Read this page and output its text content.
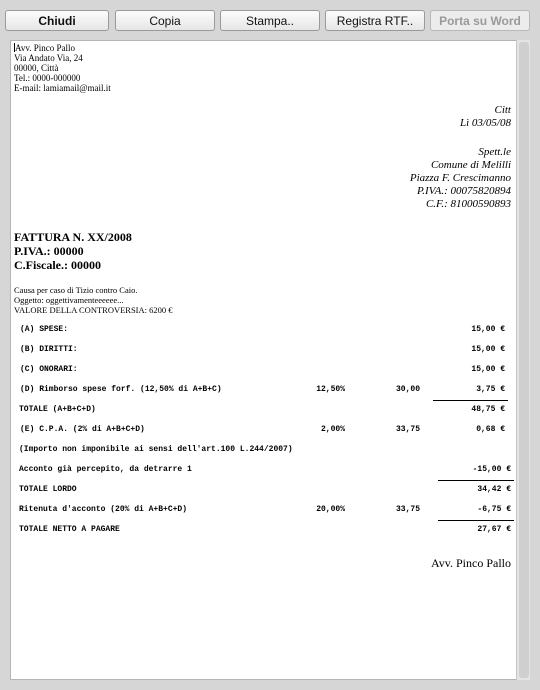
Chiudi	Copia	Stampa..	Registra RTF..	Porta su Word
Avv. Pinco Pallo
Via Andato Via, 24
00000, Città
Tel.: 0000-000000
E-mail: lamiamail@mail.it
Citt
Lì 03/05/08
Spett.le
Comune di Melilli
Piazza F. Crescimanno
P.IVA.: 00075820894
C.F.: 81000590893
FATTURA N. XX/2008
P.IVA.: 00000
C.Fiscale.: 00000
Causa per caso di Tizio contro Caio.
Oggetto: oggettivamenteeeeee...
VALORE DELLA CONTROVERSIA: 6200 €
(A) SPESE:	15,00 €
(B) DIRITTI:	15,00 €
(C) ONORARI:	15,00 €
(D) Rimborso spese forf. (12,50% di A+B+C)	12,50%	30,00	3,75 €
TOTALE (A+B+C+D)	48,75 €
(E) C.P.A. (2% di A+B+C+D)	2,00%	33,75	0,68 €
(Importo non imponibile ai sensi dell'art.100 L.244/2007)
Acconto già percepito, da detrarre 1	-15,00 €
TOTALE LORDO	34,42 €
Ritenuta d'acconto (20% di A+B+C+D)	20,00%	33,75	-6,75 €
TOTALE NETTO A PAGARE	27,67 €
Avv. Pinco Pallo
